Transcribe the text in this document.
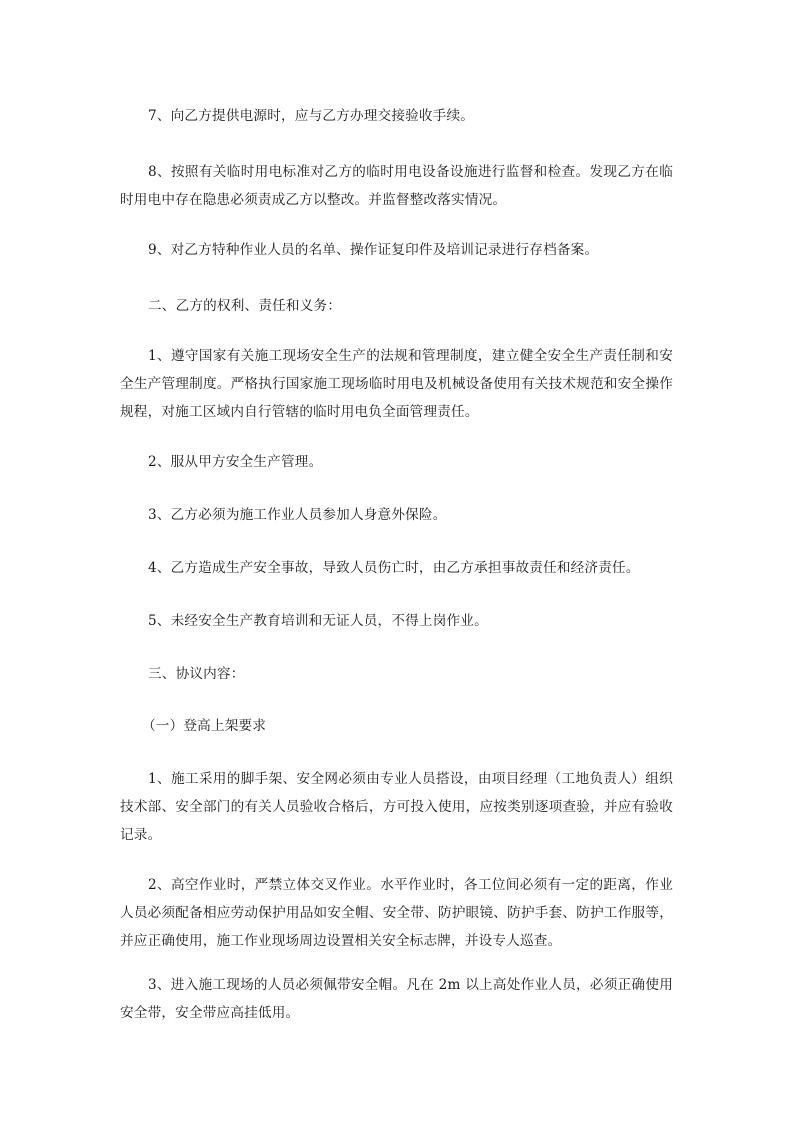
7、向乙方提供电源时，应与乙方办理交接验收手续。

8、按照有关临时用电标准对乙方的临时用电设备设施进行监督和检查。发现乙方在临时用电中存在隐患必须责成乙方以整改。并监督整改落实情况。

9、对乙方特种作业人员的名单、操作证复印件及培训记录进行存档备案。

二、乙方的权利、责任和义务：

1、遵守国家有关施工现场安全生产的法规和管理制度，建立健全安全生产责任制和安全生产管理制度。严格执行国家施工现场临时用电及机械设备使用有关技术规范和安全操作规程，对施工区域内自行管辖的临时用电负全面管理责任。

2、服从甲方安全生产管理。

3、乙方必须为施工作业人员参加人身意外保险。

4、乙方造成生产安全事故，导致人员伤亡时，由乙方承担事故责任和经济责任。

5、未经安全生产教育培训和无证人员，不得上岗作业。

三、协议内容：

（一）登高上架要求

1、施工采用的脚手架、安全网必须由专业人员搭设，由项目经理（工地负责人）组织技术部、安全部门的有关人员验收合格后，方可投入使用，应按类别逐项查验，并应有验收记录。

2、高空作业时，严禁立体交叉作业。水平作业时，各工位间必须有一定的距离，作业人员必须配备相应劳动保护用品如安全帽、安全带、防护眼镜、防护手套、防护工作服等，并应正确使用，施工作业现场周边设置相关安全标志牌，并设专人巡查。

3、进入施工现场的人员必须佩带安全帽。凡在 2m 以上高处作业人员，必须正确使用安全带，安全带应高挂低用。
